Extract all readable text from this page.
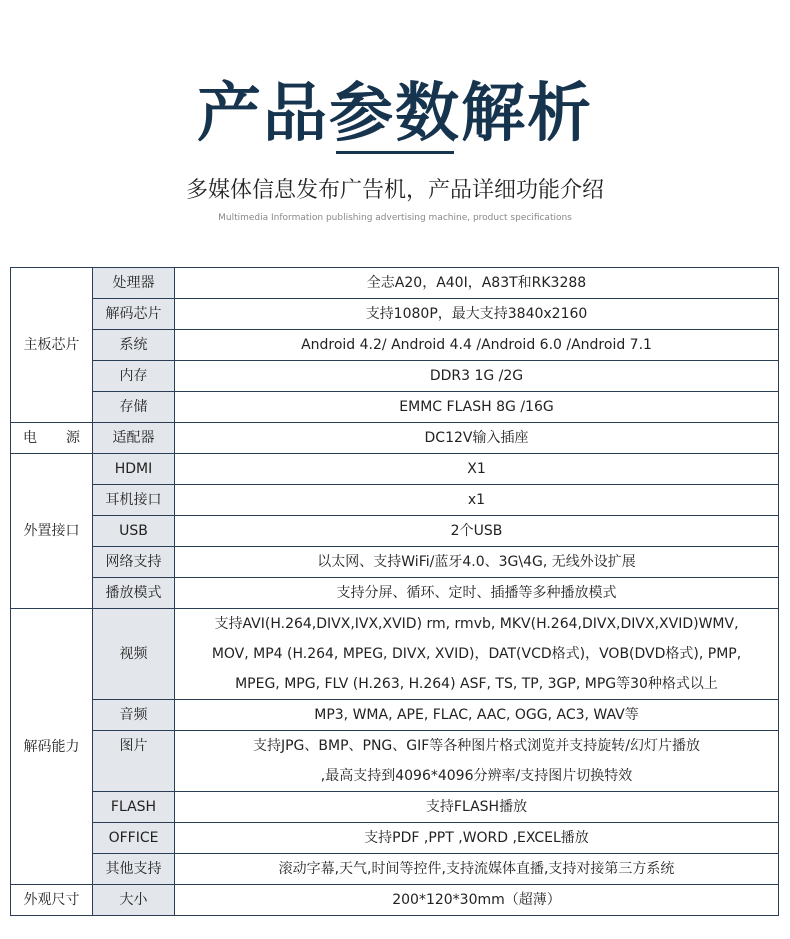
产品参数解析
多媒体信息发布广告机，产品详细功能介绍
Multimedia Information publishing advertising machine, product specifications
主板芯片	处理器	全志A20，A40I，A83T和RK3288
	解码芯片	支持1080P，最大支持3840x2160
	系统	Android 4.2/ Android 4.4 /Android 6.0 /Android 7.1
	内存	DDR3 1G /2G
	存储	EMMC FLASH 8G /16G

电 源	适配器	DC12V输入插座
外置接口	HDMI	X1
	耳机接口	x1
	USB	2个USB
	网络支持	以太网、支持WiFi/蓝牙4.0、3G\4G, 无线外设扩展
	播放模式	支持分屏、循环、定时、插播等多种播放模式
解码能力	视频	支持AVI(H.264,DIVX,IVX,XVID) rm, rmvb, MKV(H.264,DIVX,DIVX,XVID)WMV,
MOV, MP4 (H.264, MPEG, DIVX, XVID)，DAT(VCD格式)，VOB(DVD格式), PMP,
MPEG, MPG, FLV (H.263, H.264) ASF, TS, TP, 3GP, MPG等30种格式以上

	音频	MP3, WMA, APE, FLAC, AAC, OGG, AC3, WAV等
	图片	支持JPG、BMP、PNG、GIF等各种图片格式浏览并支持旋转/幻灯片播放
,最高支持到4096*4096分辨率/支持图片切换特效

	FLASH	支持FLASH播放
	OFFICE	支持PDF ,PPT ,WORD ,EXCEL播放
	其他支持	滚动字幕,天气,时间等控件,支持流媒体直播,支持对接第三方系统
外观尺寸	大小	200*120*30mm（超薄）
